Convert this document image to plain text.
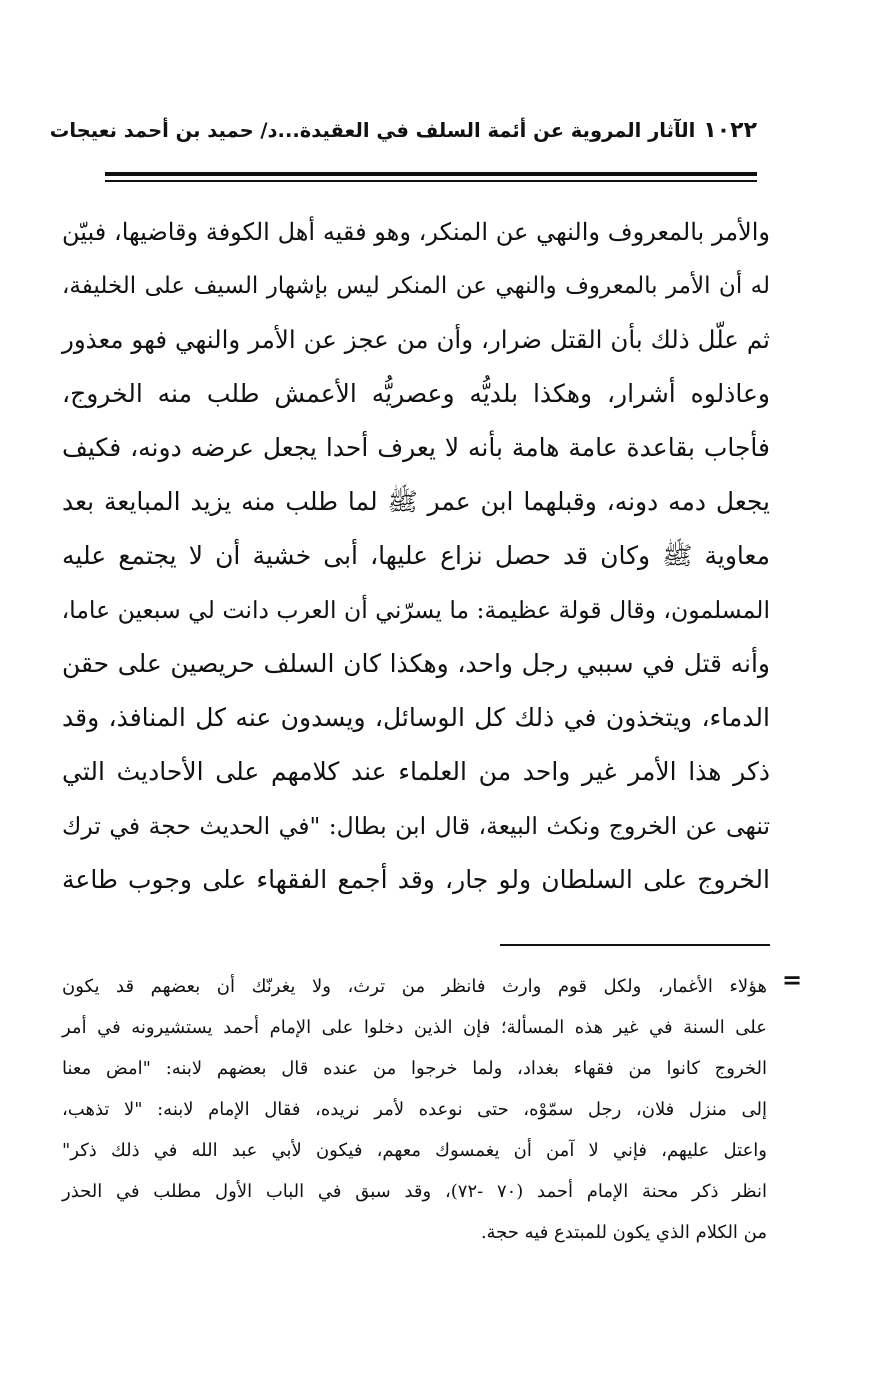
١٠٢٢
الآثار المروية عن أئمة السلف في العقيدة...د/ حميد بن أحمد نعيجات
والأمر بالمعروف والنهي عن المنكر، وهو فقيه أهل الكوفة وقاضيها، فبيّن
له أن الأمر بالمعروف والنهي عن المنكر ليس بإشهار السيف على الخليفة،
ثم علّل ذلك بأن القتل ضرار، وأن من عجز عن الأمر والنهي فهو معذور
وعاذلوه أشرار، وهكذا بلديُّه وعصريُّه الأعمش طلب منه الخروج،
فأجاب بقاعدة عامة هامة بأنه لا يعرف أحدا يجعل عرضه دونه، فكيف
يجعل دمه دونه، وقبلهما ابن عمر ﷺ لما طلب منه يزيد المبايعة بعد
معاوية ﷺ وكان قد حصل نزاع عليها، أبى خشية أن لا يجتمع عليه
المسلمون، وقال قولة عظيمة: ما يسرّني أن العرب دانت لي سبعين عاما،
وأنه قتل في سببي رجل واحد، وهكذا كان السلف حريصين على حقن
الدماء، ويتخذون في ذلك كل الوسائل، ويسدون عنه كل المنافذ، وقد
ذكر هذا الأمر غير واحد من العلماء عند كلامهم على الأحاديث التي
تنهى عن الخروج ونكث البيعة، قال ابن بطال: "في الحديث حجة في ترك
الخروج على السلطان ولو جار، وقد أجمع الفقهاء على وجوب طاعة
=
هؤلاء الأغمار، ولكل قوم وارث فانظر من ترث، ولا يغرنّك أن بعضهم قد يكون
على السنة في غير هذه المسألة؛ فإن الذين دخلوا على الإمام أحمد يستشيرونه في أمر
الخروج كانوا من فقهاء بغداد، ولما خرجوا من عنده قال بعضهم لابنه: "امض معنا
إلى منزل فلان، رجل سمّوْه، حتى نوعده لأمر نريده، فقال الإمام لابنه: "لا تذهب،
واعتل عليهم، فإني لا آمن أن يغمسوك معهم، فيكون لأبي عبد الله في ذلك ذكر"
انظر ذكر محنة الإمام أحمد (٧٠ -٧٢)، وقد سبق في الباب الأول مطلب في الحذر
من الكلام الذي يكون للمبتدع فيه حجة.
